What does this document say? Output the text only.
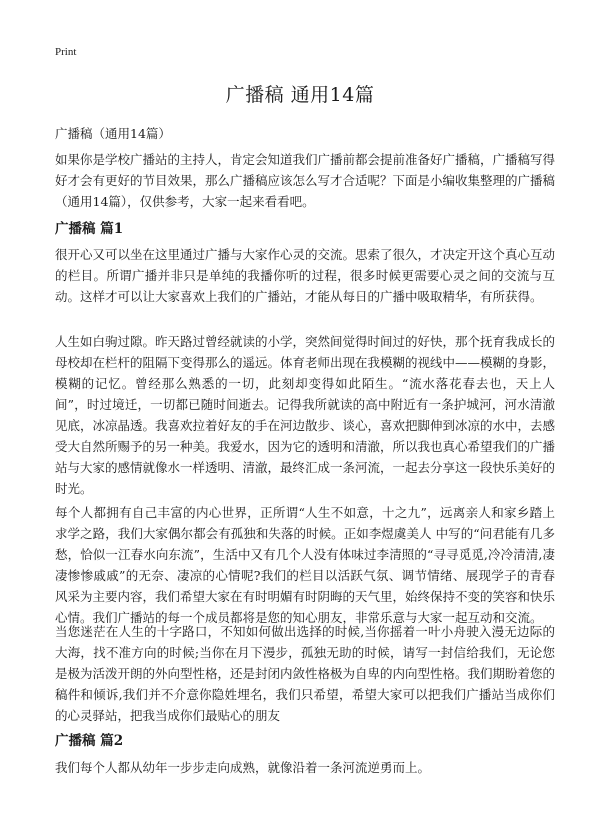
Print
广播稿 通用14篇

广播稿（通用14篇）

如果你是学校广播站的主持人，肯定会知道我们广播前都会提前准备好广播稿，广播稿写得好才会有更好的节目效果，那么广播稿应该怎么写才合适呢？下面是小编收集整理的广播稿（通用14篇），仅供参考，大家一起来看看吧。

广播稿 篇1

很开心又可以坐在这里通过广播与大家作心灵的交流。思索了很久，才决定开这个真心互动的栏目。所谓广播并非只是单纯的我播你听的过程，很多时候更需要心灵之间的交流与互动。这样才可以让大家喜欢上我们的广播站，才能从每日的广播中吸取精华，有所获得。

人生如白驹过隙。昨天路过曾经就读的小学，突然间觉得时间过的好快，那个抚育我成长的母校却在栏杆的阻隔下变得那么的遥远。体育老师出现在我模糊的视线中——模糊的身影，模糊的记忆。曾经那么熟悉的一切，此刻却变得如此陌生。“流水落花春去也，天上人间”，时过境迁，一切都已随时间逝去。记得我所就读的高中附近有一条护城河，河水清澈见底，冰凉晶透。我喜欢拉着好友的手在河边散步、谈心，喜欢把脚伸到冰凉的水中，去感受大自然所赐予的另一种美。我爱水，因为它的透明和清澈，所以我也真心希望我们的广播站与大家的感情就像水一样透明、清澈，最终汇成一条河流，一起去分享这一段快乐美好的时光。

每个人都拥有自己丰富的内心世界，正所谓“人生不如意，十之九”，远离亲人和家乡踏上求学之路，我们大家偶尔都会有孤独和失落的时候。正如李煜虞美人 中写的“问君能有几多愁，恰似一江春水向东流”，生活中又有几个人没有体味过李清照的“寻寻觅觅,冷冷清清,凄凄惨惨戚戚”的无奈、凄凉的心情呢?我们的栏目以活跃气氛、调节情绪、展现学子的青春风采为主要内容，我们希望大家在有时明媚有时阴晦的天气里，始终保持不变的笑容和快乐心情。我们广播站的每一个成员都将是您的知心朋友，非常乐意与大家一起互动和交流。

当您迷茫在人生的十字路口，不知如何做出选择的时候,当你摇着一叶小舟驶入漫无边际的大海，找不准方向的时候;当你在月下漫步，孤独无助的时候，请写一封信给我们，无论您是极为活泼开朗的外向型性格，还是封闭内敛性格极为自卑的内向型性格。我们期盼着您的稿件和倾诉,我们并不介意你隐姓埋名，我们只希望，希望大家可以把我们广播站当成你们的心灵驿站，把我当成你们最贴心的朋友

广播稿 篇2

我们每个人都从幼年一步步走向成熟，就像沿着一条河流逆勇而上。
